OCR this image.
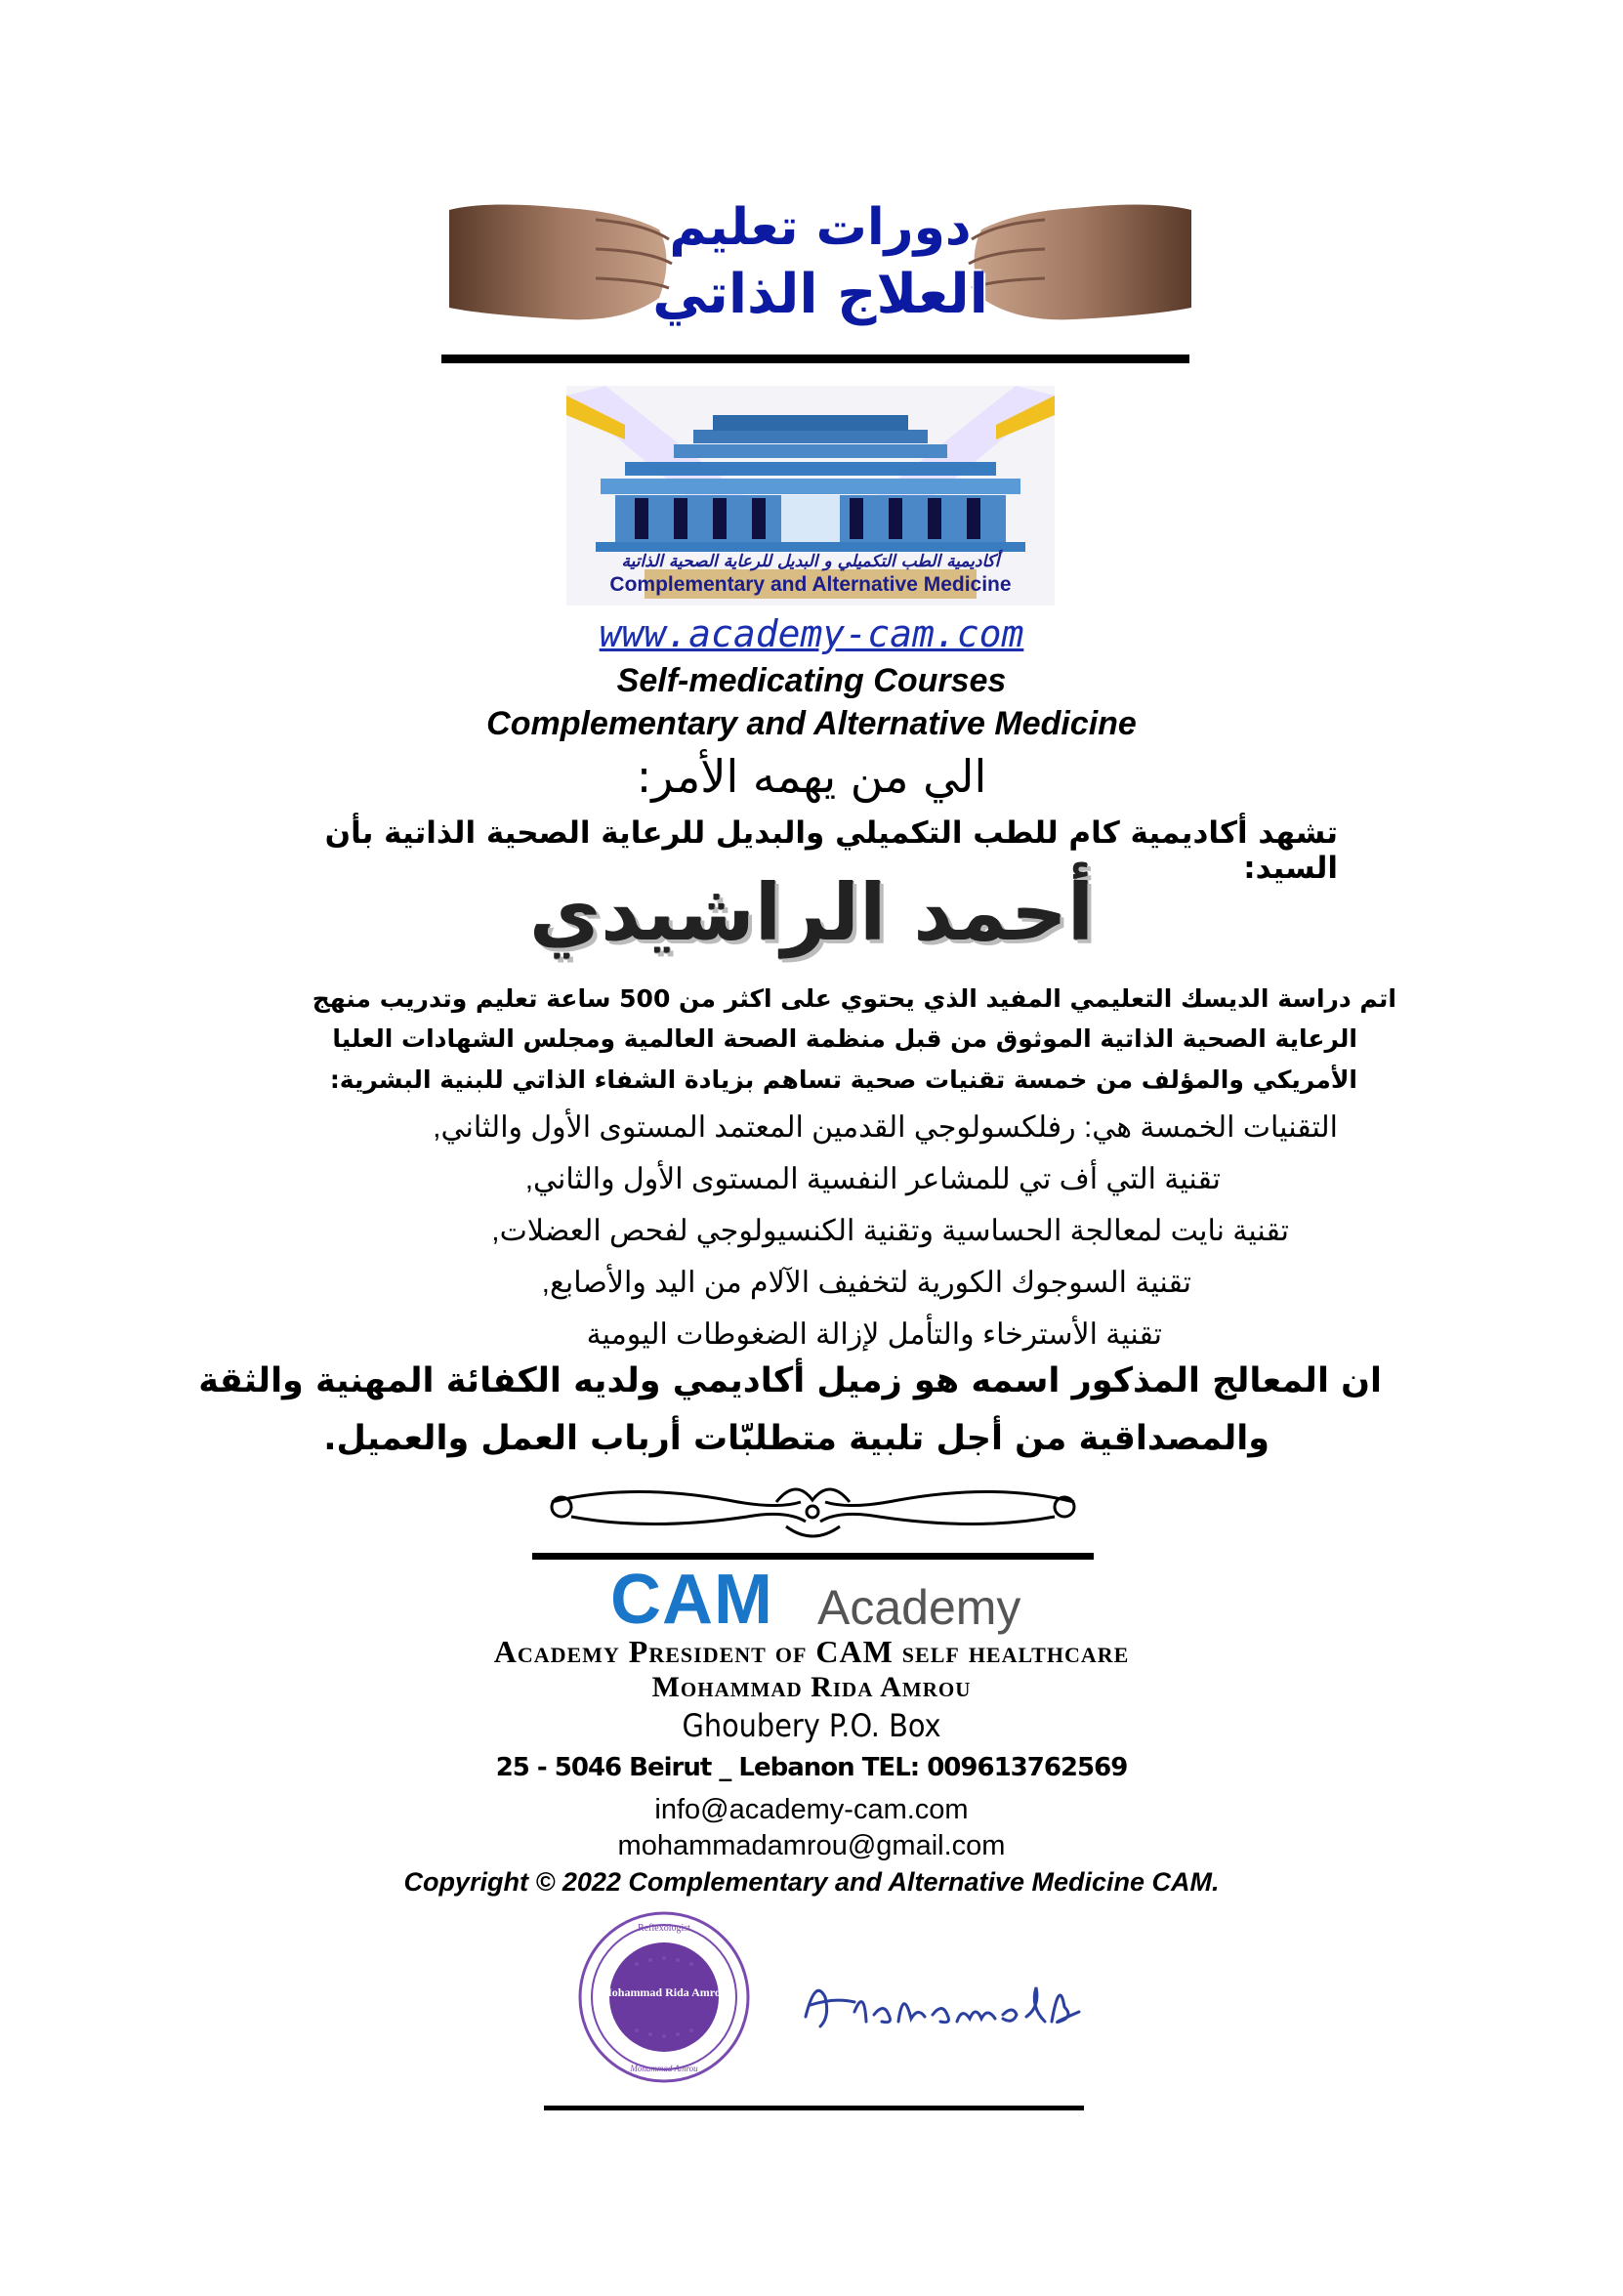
دورات تعليم
العلاج الذاتي
أكاديمية الطب التكميلي و البديل للرعاية الصحية الذاتية
Complementary and Alternative Medicine
www.academy-cam.com
Self-medicating Courses
Complementary and Alternative Medicine
الي من يهمه الأمر:
تشهد أكاديمية كام للطب التكميلي والبديل للرعاية الصحية الذاتية بأن السيد:
أحمد الراشيدي
اتم دراسة الديسك التعليمي المفيد الذي يحتوي على اكثر من 500 ساعة تعليم وتدريب منهج
الرعاية الصحية الذاتية الموثوق من قبل منظمة الصحة العالمية ومجلس الشهادات العليا
الأمريكي والمؤلف من خمسة تقنيات صحية تساهم بزيادة الشفاء الذاتي للبنية البشرية:
التقنيات الخمسة هي: رفلكسولوجي القدمين المعتمد المستوى الأول والثاني,
تقنية التي أف تي للمشاعر النفسية المستوى الأول والثاني,
تقنية نايت لمعالجة الحساسية وتقنية الكنسيولوجي لفحص العضلات,
تقنية السوجوك الكورية لتخفيف الآلام من اليد والأصابع,
تقنية الأسترخاء والتأمل لإزالة الضغوطات اليومية
ان المعالج المذكور اسمه هو زميل أكاديمي ولديه الكفائة المهنية والثقة
والمصداقية من أجل تلبية متطلبّات أرباب العمل والعميل.
CAM Academy
Academy President of CAM self healthcare
Mohammad Rida Amrou
Ghoubery P.O. Box
25 - 5046 Beirut _ Lebanon TEL: 009613762569
info@academy-cam.com
mohammadamrou@gmail.com
Copyright © 2022 Complementary and Alternative Medicine CAM.
Reflexologist
Mohammad Amrou
Mohammad Rida Amrou
